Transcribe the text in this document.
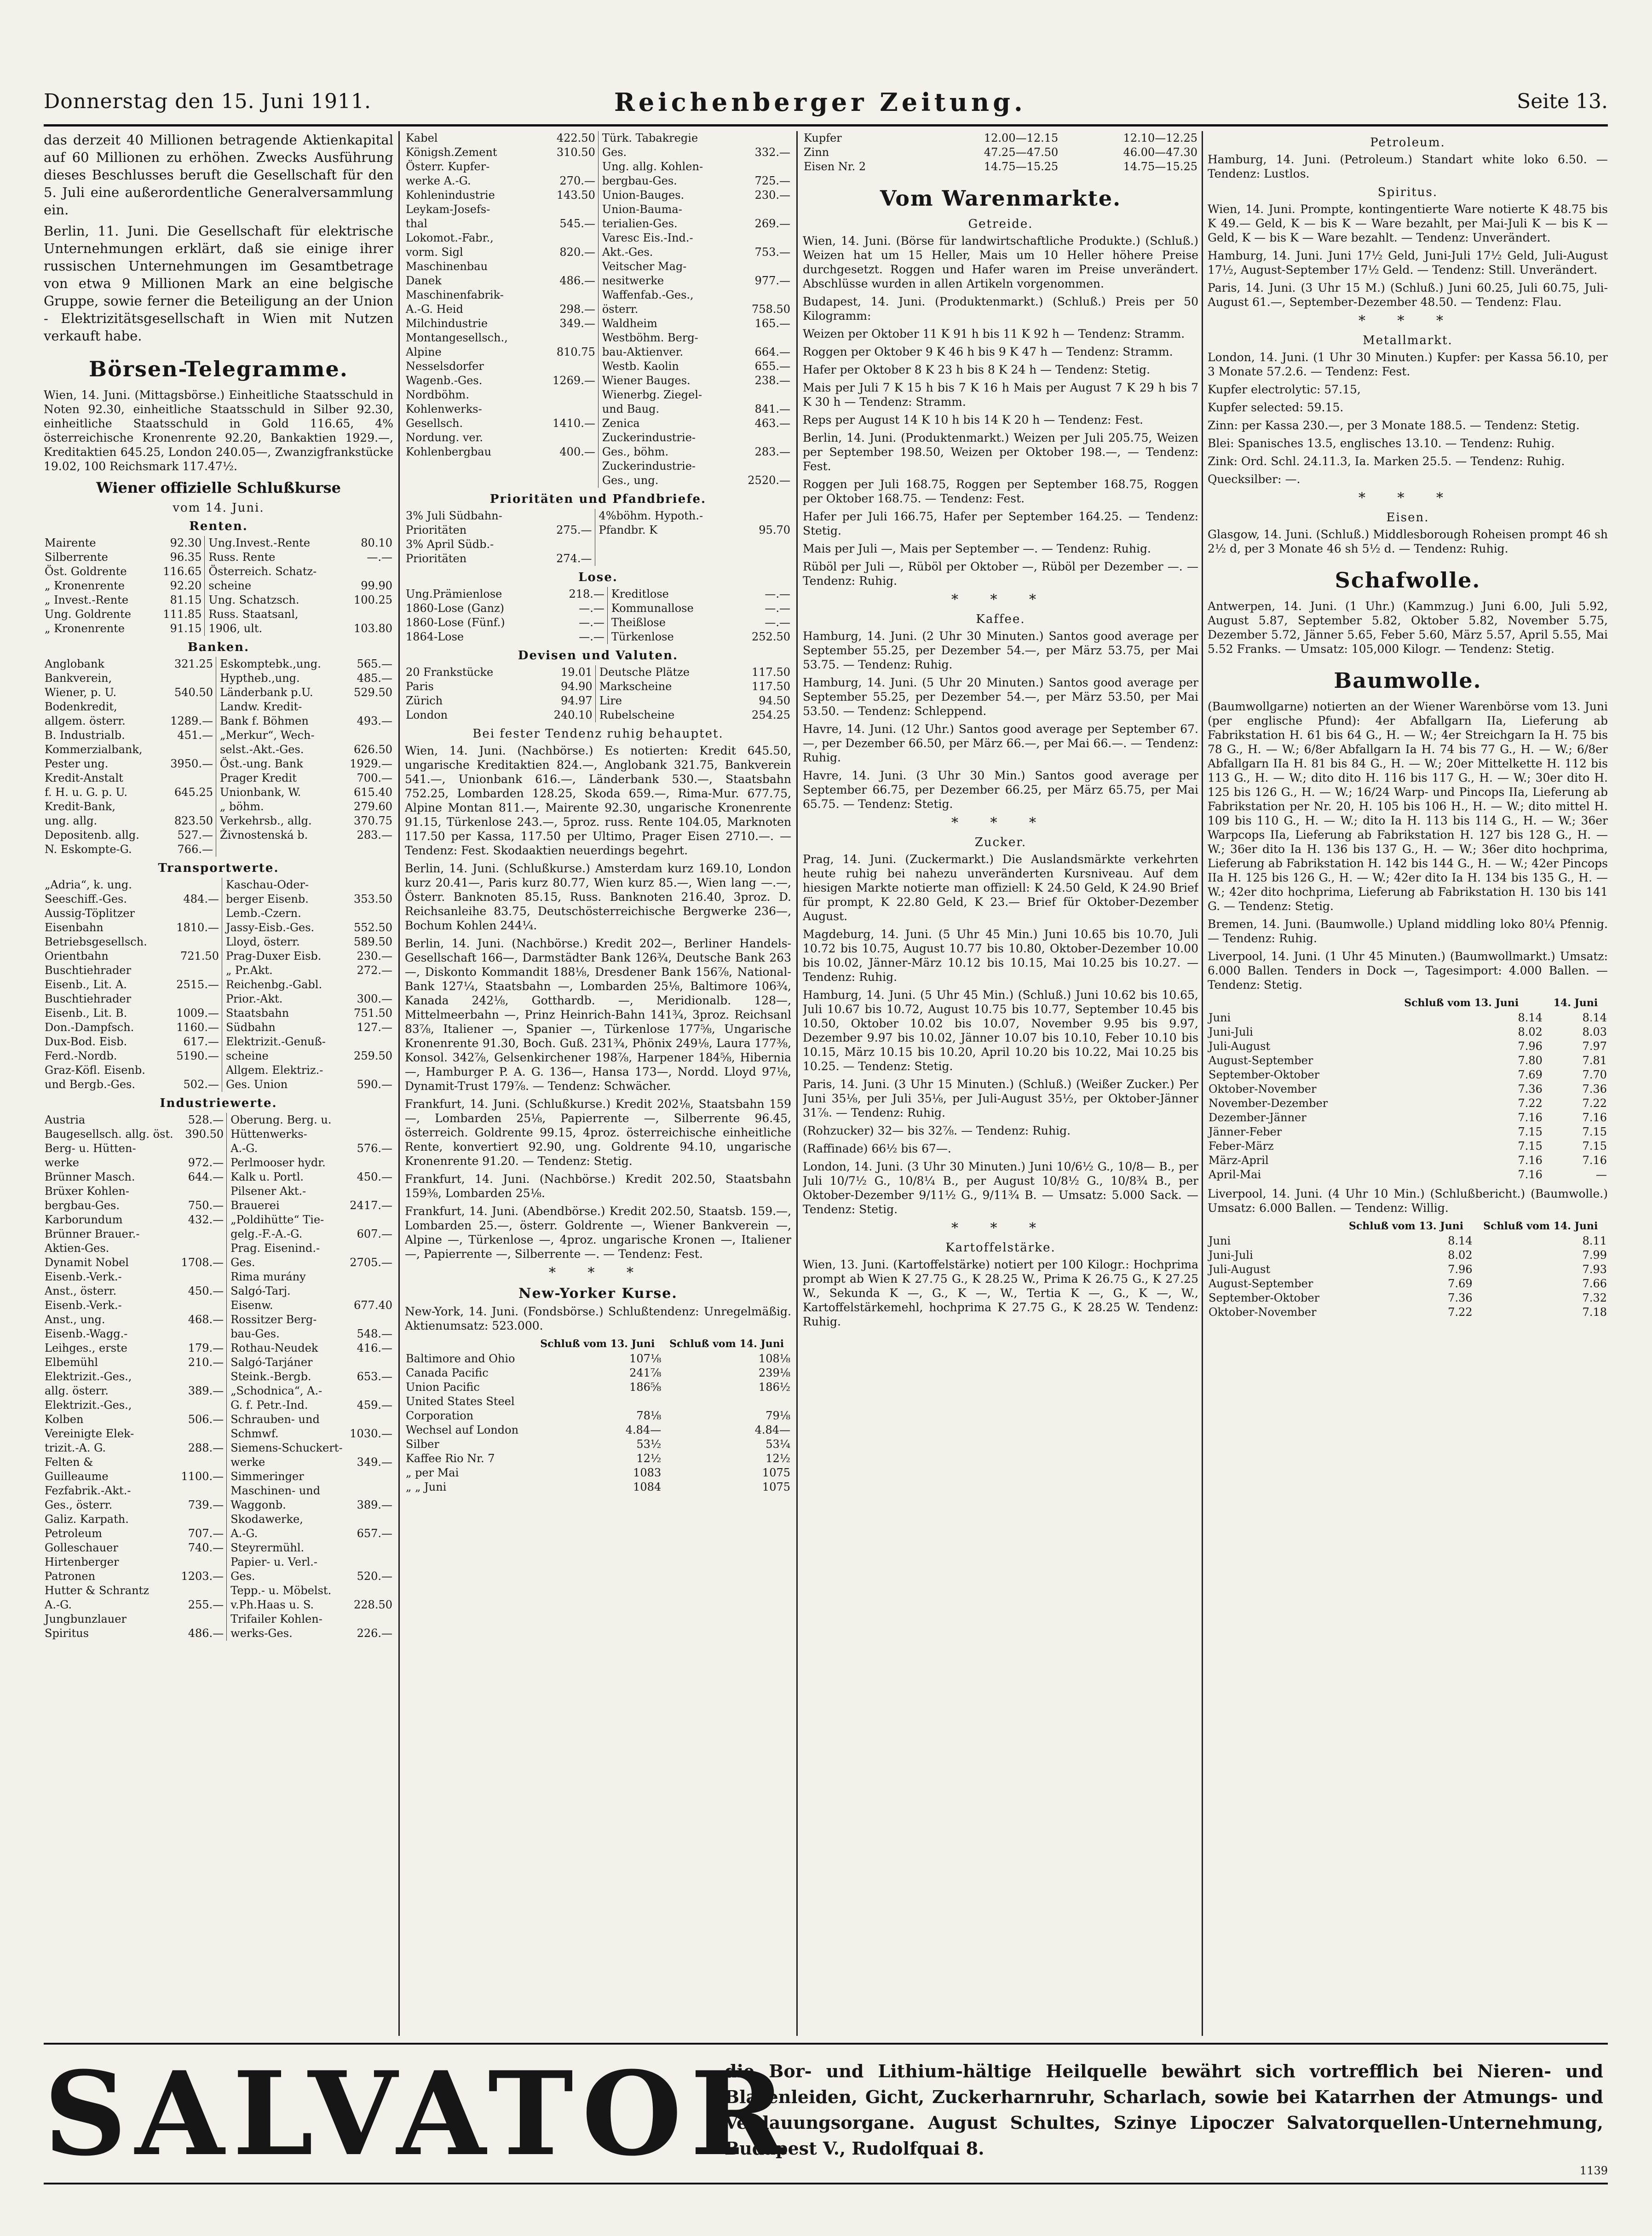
Donnerstag den 15. Juni 1911.	Reichenberger Zeitung.	Seite 13.

das derzeit 40 Millionen betragende Aktienkapital auf 60 Millionen zu erhöhen. Zwecks Ausführung dieses Beschlusses beruft die Gesellschaft für den 5. Juli eine außerordentliche Generalversammlung ein.

Berlin, 11. Juni. Die Gesellschaft für elektrische Unternehmungen erklärt, daß sie einige ihrer russischen Unternehmungen im Gesamtbetrage von etwa 9 Millionen Mark an eine belgische Gruppe, sowie ferner die Beteiligung an der Union - Elektrizitätsgesellschaft in Wien mit Nutzen verkauft habe.

Börsen-Telegramme.

Wien, 14. Juni. (Mittagsbörse.) Einheitliche Staatsschuld in Noten 92.30, einheitliche Staatsschuld in Silber 92.30, einheitliche Staatsschuld in Gold 116.65, 4% österreichische Kronenrente 92.20, Bankaktien 1929.—, Kreditaktien 645.25, London 240.05—, Zwanzigfrankstücke 19.02, 100 Reichsmark 117.47½.

Wiener offizielle Schlußkurse
vom 14. Juni.
Renten.
Mairente	92.30	Ung.Invest.-Rente	80.10
Silberrente	96.35	Russ. Rente	—.—
Öst. Goldrente	116.65	Österreich. Schatz-	
„ Kronenrente	92.20	scheine	99.90
„ Invest.-Rente	81.15	Ung. Schatzsch.	100.25
Ung. Goldrente	111.85	Russ. Staatsanl,	
„ Kronenrente	91.15	1906, ult.	103.80
Banken.
Anglobank	321.25	Eskomptebk.,ung.	565.—
Bankverein,		Hyptheb.,ung.	485.—
Wiener, p. U.	540.50	Länderbank p.U.	529.50
Bodenkredit,		Landw. Kredit-	
allgem. österr.	1289.—	Bank f. Böhmen	493.—
B. Industrialb.	451.—	„Merkur“, Wech-	
Kommerzialbank,		selst.-Akt.-Ges.	626.50
Pester ung.	3950.—	Öst.-ung. Bank	1929.—
Kredit-Anstalt		Prager Kredit	700.—
f. H. u. G. p. U.	645.25	Unionbank, W.	615.40
Kredit-Bank,		„ böhm.	279.60
ung. allg.	823.50	Verkehrsb., allg.	370.75
Depositenb. allg.	527.—	Živnostenská b.	283.—
N. Eskompte-G.	766.—		
Transportwerte.
„Adria“, k. ung.		Kaschau-Oder-	
Seeschiff.-Ges.	484.—	berger Eisenb.	353.50
Aussig-Töplitzer		Lemb.-Czern.	
Eisenbahn	1810.—	Jassy-Eisb.-Ges.	552.50
Betriebsgesellsch.		Lloyd, österr.	589.50
Orientbahn	721.50	Prag-Duxer Eisb.	230.—
Buschtiehrader		„ Pr.Akt.	272.—
Eisenb., Lit. A.	2515.—	Reichenbg.-Gabl.	
Buschtiehrader		Prior.-Akt.	300.—
Eisenb., Lit. B.	1009.—	Staatsbahn	751.50
Don.-Dampfsch.	1160.—	Südbahn	127.—
Dux-Bod. Eisb.	617.—	Elektrizit.-Genuß-	
Ferd.-Nordb.	5190.—	scheine	259.50
Graz-Köfl. Eisenb.		Allgem. Elektriz.-	
und Bergb.-Ges.	502.—	Ges. Union	590.—
Industriewerte.
Austria	528.—	Oberung. Berg. u.	
Baugesellsch. allg. öst.	390.50	Hüttenwerks-	
Berg- u. Hütten-		A.-G.	576.—
werke	972.—	Perlmooser hydr.	
Brünner Masch.	644.—	Kalk u. Portl.	450.—
Brüxer Kohlen-		Pilsener Akt.-	
bergbau-Ges.	750.—	Brauerei	2417.—
Karborundum	432.—	„Poldihütte“ Tie-	
Brünner Brauer.-		gelg.-F.-A.-G.	607.—
Aktien-Ges.		Prag. Eisenind.-	
Dynamit Nobel	1708.—	Ges.	2705.—
Eisenb.-Verk.-		Rima murány	
Anst., österr.	450.—	Salgó-Tarj.	
Eisenb.-Verk.-		Eisenw.	677.40
Anst., ung.	468.—	Rossitzer Berg-	
Eisenb.-Wagg.-		bau-Ges.	548.—
Leihges., erste	179.—	Rothau-Neudek	416.—
Elbemühl	210.—	Salgó-Tarjáner	
Elektrizit.-Ges.,		Steink.-Bergb.	653.—
allg. österr.	389.—	„Schodnica“, A.-	
Elektrizit.-Ges.,		G. f. Petr.-Ind.	459.—
Kolben	506.—	Schrauben- und	
Vereinigte Elek-		Schmwf.	1030.—
trizit.-A. G.	288.—	Siemens-Schuckert-	
Felten &		werke	349.—
Guilleaume	1100.—	Simmeringer	
Fezfabrik.-Akt.-		Maschinen- und	
Ges., österr.	739.—	Waggonb.	389.—
Galiz. Karpath.		Skodawerke,	
Petroleum	707.—	A.-G.	657.—
Golleschauer	740.—	Steyrermühl.	
Hirtenberger		Papier- u. Verl.-	
Patronen	1203.—	Ges.	520.—
Hutter & Schrantz		Tepp.- u. Möbelst.	
A.-G.	255.—	v.Ph.Haas u. S.	228.50
Jungbunzlauer		Trifailer Kohlen-	
Spiritus	486.—	werks-Ges.	226.—
Kabel	422.50	Türk. Tabakregie	
Königsh.Zement	310.50	Ges.	332.—
Österr. Kupfer-		Ung. allg. Kohlen-	
werke A.-G.	270.—	bergbau-Ges.	725.—
Kohlenindustrie	143.50	Union-Bauges.	230.—
Leykam-Josefs-		Union-Bauma-	
thal	545.—	terialien-Ges.	269.—
Lokomot.-Fabr.,		Varesc Eis.-Ind.-	
vorm. Sigl	820.—	Akt.-Ges.	753.—
Maschinenbau		Veitscher Mag-	
Danek	486.—	nesitwerke	977.—
Maschinenfabrik-		Waffenfab.-Ges.,	
A.-G. Heid	298.—	österr.	758.50
Milchindustrie	349.—	Waldheim	165.—
Montangesellsch.,		Westböhm. Berg-	
Alpine	810.75	bau-Aktienver.	664.—
Nesselsdorfer		Westb. Kaolin	655.—
Wagenb.-Ges.	1269.—	Wiener Bauges.	238.—
Nordböhm.		Wienerbg. Ziegel-	
Kohlenwerks-		und Baug.	841.—
Gesellsch.	1410.—	Zenica	463.—
Nordung. ver.		Zuckerindustrie-	
Kohlenbergbau	400.—	Ges., böhm.	283.—
		Zuckerindustrie-	
		Ges., ung.	2520.—
Prioritäten und Pfandbriefe.
3% Juli Südbahn-		4%böhm. Hypoth.-	
Prioritäten	275.—	Pfandbr. K	95.70
3% April Südb.-			
Prioritäten	274.—		
Lose.
Ung.Prämienlose	218.—	Kreditlose	—.—
1860-Lose (Ganz)	—.—	Kommunallose	—.—
1860-Lose (Fünf.)	—.—	Theißlose	—.—
1864-Lose	—.—	Türkenlose	252.50
Devisen und Valuten.
20 Frankstücke	19.01	Deutsche Plätze	117.50
Paris	94.90	Markscheine	117.50
Zürich	94.97	Lire	94.50
London	240.10	Rubelscheine	254.25
Bei fester Tendenz ruhig behauptet.

Wien, 14. Juni. (Nachbörse.) Es notierten: Kredit 645.50, ungarische Kreditaktien 824.—, Anglobank 321.75, Bankverein 541.—, Unionbank 616.—, Länderbank 530.—, Staatsbahn 752.25, Lombarden 128.25, Skoda 659.—, Rima-Mur. 677.75, Alpine Montan 811.—, Mairente 92.30, ungarische Kronenrente 91.15, Türkenlose 243.—, 5proz. russ. Rente 104.05, Marknoten 117.50 per Kassa, 117.50 per Ultimo, Prager Eisen 2710.—. — Tendenz: Fest. Skodaaktien neuerdings begehrt.

Berlin, 14. Juni. (Schlußkurse.) Amsterdam kurz 169.10, London kurz 20.41—, Paris kurz 80.77, Wien kurz 85.—, Wien lang —.—, Österr. Banknoten 85.15, Russ. Banknoten 216.40, 3proz. D. Reichsanleihe 83.75, Deutschösterreichische Bergwerke 236—, Bochum Kohlen 244¼.

Berlin, 14. Juni. (Nachbörse.) Kredit 202—, Berliner Handels-Gesellschaft 166—, Darmstädter Bank 126¾, Deutsche Bank 263—, Diskonto Kommandit 188⅛, Dresdener Bank 156⅞, National-Bank 127¼, Staatsbahn —, Lombarden 25⅛, Baltimore 106¾, Kanada 242⅛, Gotthardb. —, Meridionalb. 128—, Mittelmeerbahn —, Prinz Heinrich-Bahn 141¾, 3proz. Reichsanl 83⅞, Italiener —, Spanier —, Türkenlose 177⅝, Ungarische Kronenrente 91.30, Boch. Guß. 231¾, Phönix 249⅛, Laura 177⅜, Konsol. 342⅞, Gelsenkirchener 198⅞, Harpener 184⅝, Hibernia —, Hamburger P. A. G. 136—, Hansa 173—, Nordd. Lloyd 97⅛, Dynamit-Trust 179⅞. — Tendenz: Schwächer.

Frankfurt, 14. Juni. (Schlußkurse.) Kredit 202⅛, Staatsbahn 159—, Lombarden 25⅛, Papierrente —, Silberrente 96.45, österreich. Goldrente 99.15, 4proz. österreichische einheitliche Rente, konvertiert 92.90, ung. Goldrente 94.10, ungarische Kronenrente 91.20. — Tendenz: Stetig.

Frankfurt, 14. Juni. (Nachbörse.) Kredit 202.50, Staatsbahn 159⅜, Lombarden 25⅛.

Frankfurt, 14. Juni. (Abendbörse.) Kredit 202.50, Staatsb. 159.—, Lombarden 25.—, österr. Goldrente —, Wiener Bankverein —, Alpine —, Türkenlose —, 4proz. ungarische Kronen —, Italiener —, Papierrente —, Silberrente —. — Tendenz: Fest.

* * *
New-Yorker Kurse.

New-York, 14. Juni. (Fondsbörse.) Schlußtendenz: Unregelmäßig. Aktienumsatz: 523.000.

	Schluß vom 13. Juni	Schluß vom 14. Juni
Baltimore and Ohio	107⅛	108⅛
Canada Pacific	241⅞	239⅛
Union Pacific	186⅝	186½
United States Steel		
Corporation	78⅛	79⅛
Wechsel auf London	4.84—	4.84—
Silber	53½	53¼
Kaffee Rio Nr. 7	12½	12½
„ per Mai	1083	1075
„ „ Juni	1084	1075
Kupfer	12.00—12.15	12.10—12.25
Zinn	47.25—47.50	46.00—47.30
Eisen Nr. 2	14.75—15.25	14.75—15.25
Vom Warenmarkte.
Getreide.

Wien, 14. Juni. (Börse für landwirtschaftliche Produkte.) (Schluß.) Weizen hat um 15 Heller, Mais um 10 Heller höhere Preise durchgesetzt. Roggen und Hafer waren im Preise unverändert. Abschlüsse wurden in allen Artikeln vorgenommen.

Budapest, 14. Juni. (Produktenmarkt.) (Schluß.) Preis per 50 Kilogramm:

Weizen per Oktober 11 K 91 h bis 11 K 92 h — Tendenz: Stramm.

Roggen per Oktober 9 K 46 h bis 9 K 47 h — Tendenz: Stramm.

Hafer per Oktober 8 K 23 h bis 8 K 24 h — Tendenz: Stetig.

Mais per Juli 7 K 15 h bis 7 K 16 h Mais per August 7 K 29 h bis 7 K 30 h — Tendenz: Stramm.

Reps per August 14 K 10 h bis 14 K 20 h — Tendenz: Fest.

Berlin, 14. Juni. (Produktenmarkt.) Weizen per Juli 205.75, Weizen per September 198.50, Weizen per Oktober 198.—, — Tendenz: Fest.

Roggen per Juli 168.75, Roggen per September 168.75, Roggen per Oktober 168.75. — Tendenz: Fest.

Hafer per Juli 166.75, Hafer per September 164.25. — Tendenz: Stetig.

Mais per Juli —, Mais per September —. — Tendenz: Ruhig.

Rüböl per Juli —, Rüböl per Oktober —, Rüböl per Dezember —. — Tendenz: Ruhig.

* * *
Kaffee.

Hamburg, 14. Juni. (2 Uhr 30 Minuten.) Santos good average per September 55.25, per Dezember 54.—, per März 53.75, per Mai 53.75. — Tendenz: Ruhig.

Hamburg, 14. Juni. (5 Uhr 20 Minuten.) Santos good average per September 55.25, per Dezember 54.—, per März 53.50, per Mai 53.50. — Tendenz: Schleppend.

Havre, 14. Juni. (12 Uhr.) Santos good average per September 67.—, per Dezember 66.50, per März 66.—, per Mai 66.—. — Tendenz: Ruhig.

Havre, 14. Juni. (3 Uhr 30 Min.) Santos good average per September 66.75, per Dezember 66.25, per März 65.75, per Mai 65.75. — Tendenz: Stetig.

* * *
Zucker.

Prag, 14. Juni. (Zuckermarkt.) Die Auslandsmärkte verkehrten heute ruhig bei nahezu unveränderten Kursniveau. Auf dem hiesigen Markte notierte man offiziell: K 24.50 Geld, K 24.90 Brief für prompt, K 22.80 Geld, K 23.— Brief für Oktober-Dezember August.

Magdeburg, 14. Juni. (5 Uhr 45 Min.) Juni 10.65 bis 10.70, Juli 10.72 bis 10.75, August 10.77 bis 10.80, Oktober-Dezember 10.00 bis 10.02, Jänner-März 10.12 bis 10.15, Mai 10.25 bis 10.27. — Tendenz: Ruhig.

Hamburg, 14. Juni. (5 Uhr 45 Min.) (Schluß.) Juni 10.62 bis 10.65, Juli 10.67 bis 10.72, August 10.75 bis 10.77, September 10.45 bis 10.50, Oktober 10.02 bis 10.07, November 9.95 bis 9.97, Dezember 9.97 bis 10.02, Jänner 10.07 bis 10.10, Feber 10.10 bis 10.15, März 10.15 bis 10.20, April 10.20 bis 10.22, Mai 10.25 bis 10.25. — Tendenz: Stetig.

Paris, 14. Juni. (3 Uhr 15 Minuten.) (Schluß.) (Weißer Zucker.) Per Juni 35⅛, per Juli 35⅛, per Juli-August 35½, per Oktober-Jänner 31⅞. — Tendenz: Ruhig.

(Rohzucker) 32— bis 32⅞. — Tendenz: Ruhig.

(Raffinade) 66½ bis 67—.

London, 14. Juni. (3 Uhr 30 Minuten.) Juni 10/6½ G., 10/8— B., per Juli 10/7½ G., 10/8¼ B., per August 10/8½ G., 10/8¾ B., per Oktober-Dezember 9/11½ G., 9/11¾ B. — Umsatz: 5.000 Sack. — Tendenz: Stetig.

* * *
Kartoffelstärke.

Wien, 13. Juni. (Kartoffelstärke) notiert per 100 Kilogr.: Hochprima prompt ab Wien K 27.75 G., K 28.25 W., Prima K 26.75 G., K 27.25 W., Sekunda K —, G., K —, W., Tertia K —, G., K —, W., Kartoffelstärkemehl, hochprima K 27.75 G., K 28.25 W. Tendenz: Ruhig.

Petroleum.

Hamburg, 14. Juni. (Petroleum.) Standart white loko 6.50. — Tendenz: Lustlos.

Spiritus.

Wien, 14. Juni. Prompte, kontingentierte Ware notierte K 48.75 bis K 49.— Geld, K — bis K — Ware bezahlt, per Mai-Juli K — bis K — Geld, K — bis K — Ware bezahlt. — Tendenz: Unverändert.

Hamburg, 14. Juni. Juni 17½ Geld, Juni-Juli 17½ Geld, Juli-August 17½, August-September 17½ Geld. — Tendenz: Still. Unverändert.

Paris, 14. Juni. (3 Uhr 15 M.) (Schluß.) Juni 60.25, Juli 60.75, Juli-August 61.—, September-Dezember 48.50. — Tendenz: Flau.

* * *
Metallmarkt.

London, 14. Juni. (1 Uhr 30 Minuten.) Kupfer: per Kassa 56.10, per 3 Monate 57.2.6. — Tendenz: Fest.

Kupfer electrolytic: 57.15,

Kupfer selected: 59.15.

Zinn: per Kassa 230.—, per 3 Monate 188.5. — Tendenz: Stetig.

Blei: Spanisches 13.5, englisches 13.10. — Tendenz: Ruhig.

Zink: Ord. Schl. 24.11.3, Ia. Marken 25.5. — Tendenz: Ruhig.

Quecksilber: —.

* * *
Eisen.

Glasgow, 14. Juni. (Schluß.) Middlesborough Roheisen prompt 46 sh 2½ d, per 3 Monate 46 sh 5½ d. — Tendenz: Ruhig.

Schafwolle.

Antwerpen, 14. Juni. (1 Uhr.) (Kammzug.) Juni 6.00, Juli 5.92, August 5.87, September 5.82, Oktober 5.82, November 5.75, Dezember 5.72, Jänner 5.65, Feber 5.60, März 5.57, April 5.55, Mai 5.52 Franks. — Umsatz: 105,000 Kilogr. — Tendenz: Stetig.

Baumwolle.

(Baumwollgarne) notierten an der Wiener Warenbörse vom 13. Juni (per englische Pfund): 4er Abfallgarn IIa, Lieferung ab Fabrikstation H. 61 bis 64 G., H. — W.; 4er Streichgarn Ia H. 75 bis 78 G., H. — W.; 6/8er Abfallgarn Ia H. 74 bis 77 G., H. — W.; 6/8er Abfallgarn IIa H. 81 bis 84 G., H. — W.; 20er Mittelkette H. 112 bis 113 G., H. — W.; dito dito H. 116 bis 117 G., H. — W.; 30er dito H. 125 bis 126 G., H. — W.; 16/24 Warp- und Pincops IIa, Lieferung ab Fabrikstation per Nr. 20, H. 105 bis 106 H., H. — W.; dito mittel H. 109 bis 110 G., H. — W.; dito Ia H. 113 bis 114 G., H. — W.; 36er Warpcops IIa, Lieferung ab Fabrikstation H. 127 bis 128 G., H. — W.; 36er dito Ia H. 136 bis 137 G., H. — W.; 36er dito hochprima, Lieferung ab Fabrikstation H. 142 bis 144 G., H. — W.; 42er Pincops IIa H. 125 bis 126 G., H. — W.; 42er dito Ia H. 134 bis 135 G., H. — W.; 42er dito hochprima, Lieferung ab Fabrikstation H. 130 bis 141 G. — Tendenz: Stetig.

Bremen, 14. Juni. (Baumwolle.) Upland middling loko 80¼ Pfennig. — Tendenz: Ruhig.

Liverpool, 14. Juni. (1 Uhr 45 Minuten.) (Baumwollmarkt.) Umsatz: 6.000 Ballen. Tenders in Dock —, Tagesimport: 4.000 Ballen. — Tendenz: Stetig.

	Schluß vom 13. Juni	14. Juni
Juni	8.14	8.14
Juni-Juli	8.02	8.03
Juli-August	7.96	7.97
August-September	7.80	7.81
September-Oktober	7.69	7.70
Oktober-November	7.36	7.36
November-Dezember	7.22	7.22
Dezember-Jänner	7.16	7.16
Jänner-Feber	7.15	7.15
Feber-März	7.15	7.15
März-April	7.16	7.16
April-Mai	7.16	—

Liverpool, 14. Juni. (4 Uhr 10 Min.) (Schlußbericht.) (Baumwolle.) Umsatz: 6.000 Ballen. — Tendenz: Willig.

	Schluß vom 13. Juni	Schluß vom 14. Juni
Juni	8.14	8.11
Juni-Juli	8.02	7.99
Juli-August	7.96	7.93
August-September	7.69	7.66
September-Oktober	7.36	7.32
Oktober-November	7.22	7.18
SALVATOR
die Bor- und Lithium-hältige Heilquelle bewährt sich vortrefflich bei Nieren- und Blasenleiden, Gicht, Zuckerharnruhr, Scharlach, sowie bei Katarrhen der Atmungs- und Verdauungsorgane. August Schultes, Szinye Lipoczer Salvatorquellen-Unternehmung, Budapest V., Rudolfquai 8.
1139
